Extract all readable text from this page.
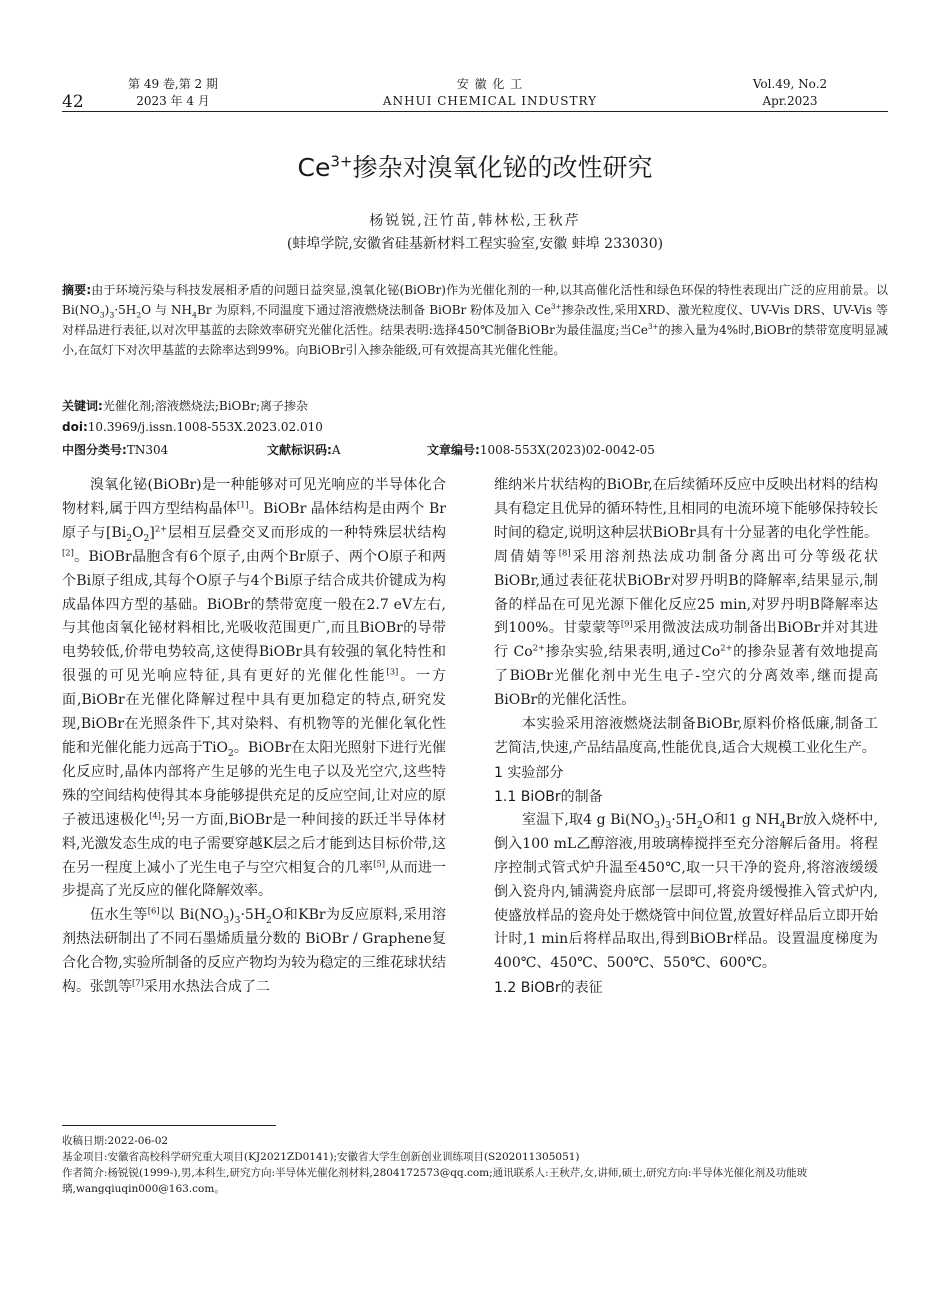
42
第 49 卷,第 2 期
2023 年 4 月
安 徽 化 工
ANHUI CHEMICAL INDUSTRY
Vol.49, No.2
Apr.2023
$Ce^{3+}$掺杂对溴氧化铋的改性研究
杨锐锐,汪竹苗,韩林松,王秋芹
(蚌埠学院,安徽省硅基新材料工程实验室,安徽 蚌埠 233030)
摘要:由于环境污染与科技发展相矛盾的问题日益突显,溴氧化铋(BiOBr)作为光催化剂的一种,以其高催化活性和绿色环保的特性表现出广泛的应用前景。以 $Bi(NO_3)_3\cdot 5H_2O$ 与 $NH_4Br$ 为原料,不同温度下通过溶液燃烧法制备 BiOBr 粉体及加入 $Ce^{3+}$掺杂改性,采用XRD、激光粒度仪、UV-Vis DRS、UV-Vis 等对样品进行表征,以对次甲基蓝的去除效率研究光催化活性。结果表明:选择450℃制备BiOBr为最佳温度;当$Ce^{3+}$的掺入量为4%时,BiOBr的禁带宽度明显减小,在氙灯下对次甲基蓝的去除率达到99%。向BiOBr引入掺杂能级,可有效提高其光催化性能。
关键词:光催化剂;溶液燃烧法;BiOBr;离子掺杂
doi:10.3969/j.issn.1008-553X.2023.02.010
中图分类号:TN304	文献标识码:A	文章编号:1008-553X(2023)02-0042-05

溴氧化铋(BiOBr)是一种能够对可见光响应的半导体化合物材料,属于四方型结构晶体[1]。BiOBr 晶体结构是由两个 Br原子与$[Bi_2O_2]^{2+}$层相互层叠交叉而形成的一种特殊层状结构[2]。BiOBr晶胞含有6个原子,由两个Br原子、两个O原子和两个Bi原子组成,其每个O原子与4个Bi原子结合成共价键成为构成晶体四方型的基础。BiOBr的禁带宽度一般在2.7 eV左右,与其他卤氧化铋材料相比,光吸收范围更广,而且BiOBr的导带电势较低,价带电势较高,这使得BiOBr具有较强的氧化特性和很强的可见光响应特征,具有更好的光催化性能[3]。一方面,BiOBr在光催化降解过程中具有更加稳定的特点,研究发现,BiOBr在光照条件下,其对染料、有机物等的光催化氧化性能和光催化能力远高于TiO$_2$。BiOBr在太阳光照射下进行光催化反应时,晶体内部将产生足够的光生电子以及光空穴,这些特殊的空间结构使得其本身能够提供充足的反应空间,让对应的原子被迅速极化[4];另一方面,BiOBr是一种间接的跃迁半导体材料,光激发态生成的电子需要穿越K层之后才能到达目标价带,这在另一程度上减小了光生电子与空穴相复合的几率[5],从而进一步提高了光反应的催化降解效率。

伍水生等[6]以 $Bi(NO_3)_3\cdot 5H_2O$和KBr为反应原料,采用溶剂热法研制出了不同石墨烯质量分数的 BiOBr / Graphene复合化合物,实验所制备的反应产物均为较为稳定的三维花球状结构。张凯等[7]采用水热法合成了二

维纳米片状结构的BiOBr,在后续循环反应中反映出材料的结构具有稳定且优异的循环特性,且相同的电流环境下能够保持较长时间的稳定,说明这种层状BiOBr具有十分显著的电化学性能。周倩婧等[8]采用溶剂热法成功制备分离出可分等级花状 BiOBr,通过表征花状BiOBr对罗丹明B的降解率,结果显示,制备的样品在可见光源下催化反应25 min,对罗丹明B降解率达到100%。甘蒙蒙等[9]采用微波法成功制备出BiOBr并对其进行 $Co^{2+}$掺杂实验,结果表明,通过$Co^{2+}$的掺杂显著有效地提高了BiOBr光催化剂中光生电子-空穴的分离效率,继而提高BiOBr的光催化活性。

本实验采用溶液燃烧法制备BiOBr,原料价格低廉,制备工艺简洁,快速,产品结晶度高,性能优良,适合大规模工业化生产。

1 实验部分

1.1 BiOBr的制备

室温下,取4 g $Bi(NO_3)_3\cdot 5H_2O$和1 g $NH_4Br$放入烧杯中,倒入100 mL乙醇溶液,用玻璃棒搅拌至充分溶解后备用。将程序控制式管式炉升温至450℃,取一只干净的瓷舟,将溶液缓缓倒入瓷舟内,铺满瓷舟底部一层即可,将瓷舟缓慢推入管式炉内,使盛放样品的瓷舟处于燃烧管中间位置,放置好样品后立即开始计时,1 min后将样品取出,得到BiOBr样品。设置温度梯度为400℃、450℃、500℃、550℃、600℃。

1.2 BiOBr的表征

收稿日期:2022-06-02
基金项目:安徽省高校科学研究重大项目(KJ2021ZD0141);安徽省大学生创新创业训练项目(S202011305051)
作者简介:杨锐锐(1999-),男,本科生,研究方向:半导体光催化剂材料,2804172573@qq.com;通讯联系人:王秋芹,女,讲师,硕士,研究方向:半导体光催化剂及功能玻璃,wangqiuqin000@163.com。
